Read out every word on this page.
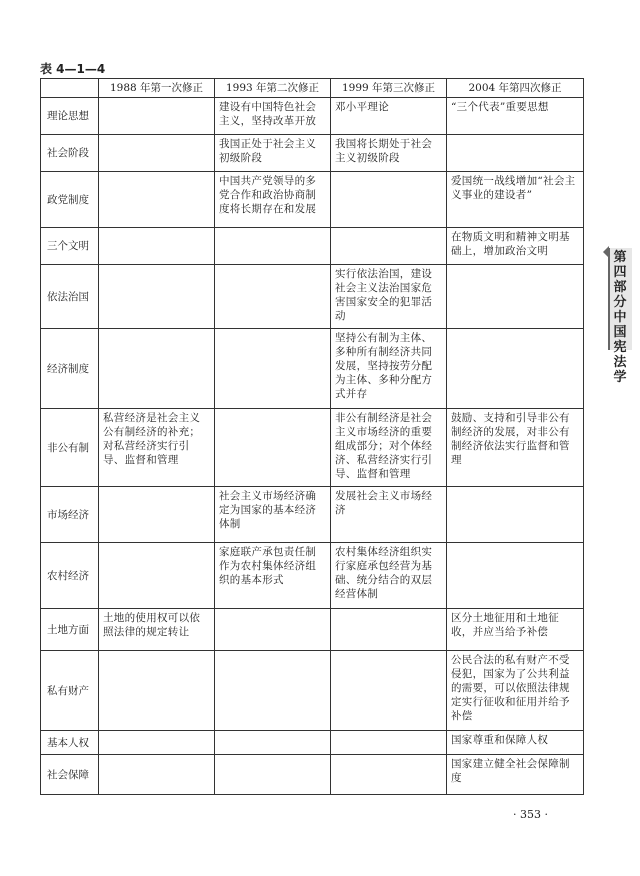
表 4—1—4
	1988 年第一次修正	1993 年第二次修正	1999 年第三次修正	2004 年第四次修正
理论思想		建设有中国特色社会主义，坚持改革开放	邓小平理论	“三个代表”重要思想
社会阶段		我国正处于社会主义初级阶段	我国将长期处于社会主义初级阶段	
政党制度		中国共产党领导的多党合作和政治协商制度将长期存在和发展		爱国统一战线增加“社会主义事业的建设者”
三个文明				在物质文明和精神文明基础上，增加政治文明
依法治国			实行依法治国，建设社会主义法治国家危害国家安全的犯罪活动	
经济制度			坚持公有制为主体、多种所有制经济共同发展，坚持按劳分配为主体、多种分配方式并存	
非公有制	私营经济是社会主义公有制经济的补充；对私营经济实行引导、监督和管理		非公有制经济是社会主义市场经济的重要组成部分；对个体经济、私营经济实行引导、监督和管理	鼓励、支持和引导非公有制经济的发展，对非公有制经济依法实行监督和管理
市场经济		社会主义市场经济确定为国家的基本经济体制	发展社会主义市场经济	
农村经济		家庭联产承包责任制作为农村集体经济组织的基本形式	农村集体经济组织实行家庭承包经营为基础、统分结合的双层经营体制	
土地方面	土地的使用权可以依照法律的规定转让			区分土地征用和土地征收，并应当给予补偿
私有财产				公民合法的私有财产不受侵犯，国家为了公共利益的需要，可以依照法律规定实行征收和征用并给予补偿
基本人权				国家尊重和保障人权
社会保障				国家建立健全社会保障制度
第四部分
中国宪法学
· 353 ·
